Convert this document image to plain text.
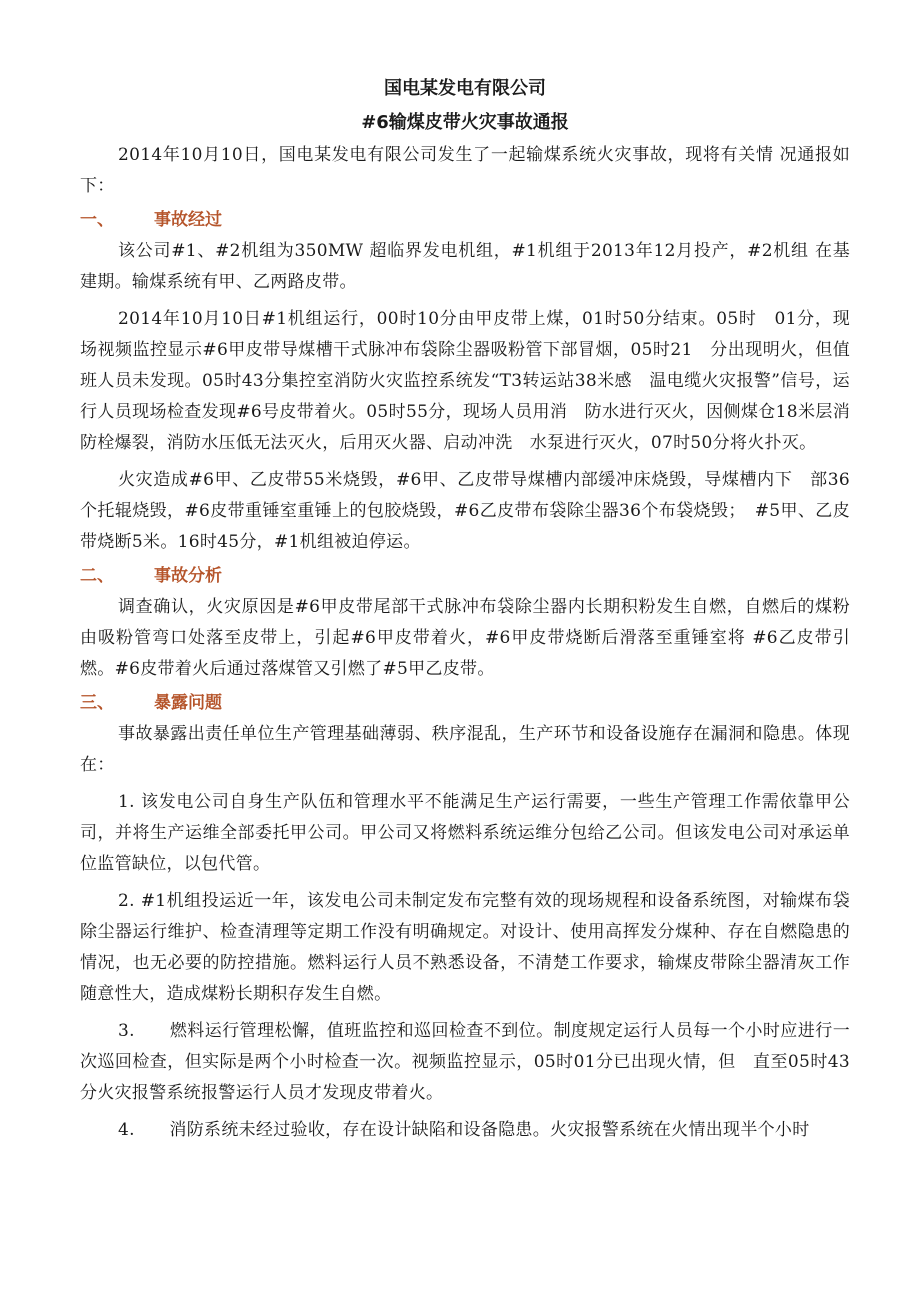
国电某发电有限公司
#6输煤皮带火灾事故通报

2014年10月10日，国电某发电有限公司发生了一起输煤系统火灾事故，现将有关情 况通报如下：

一、	事故经过

该公司#1、#2机组为350MW 超临界发电机组，#1机组于2013年12月投产，#2机组 在基建期。输煤系统有甲、乙两路皮带。

2014年10月10日#1机组运行，00时10分由甲皮带上煤，01时50分结束。05时　01分，现场视频监控显示#6甲皮带导煤槽干式脉冲布袋除尘器吸粉管下部冒烟，05时21　分出现明火，但值班人员未发现。05时43分集控室消防火灾监控系统发“T3转运站38米感　温电缆火灾报警”信号，运行人员现场检查发现#6号皮带着火。05时55分，现场人员用消　防水进行灭火，因侧煤仓18米层消防栓爆裂，消防水压低无法灭火，后用灭火器、启动冲洗　水泵进行灭火，07时50分将火扑灭。

火灾造成#6甲、乙皮带55米烧毁，#6甲、乙皮带导煤槽内部缓冲床烧毁，导煤槽内下　部36个托辊烧毁，#6皮带重锤室重锤上的包胶烧毁，#6乙皮带布袋除尘器36个布袋烧毁；　#5甲、乙皮带烧断5米。16时45分，#1机组被迫停运。

二、	事故分析

调查确认，火灾原因是#6甲皮带尾部干式脉冲布袋除尘器内长期积粉发生自燃，自燃后的煤粉由吸粉管弯口处落至皮带上，引起#6甲皮带着火，#6甲皮带烧断后滑落至重锤室将 #6乙皮带引燃。#6皮带着火后通过落煤管又引燃了#5甲乙皮带。

三、	暴露问题

事故暴露出责任单位生产管理基础薄弱、秩序混乱，生产环节和设备设施存在漏洞和隐患。体现在：

1. 该发电公司自身生产队伍和管理水平不能满足生产运行需要，一些生产管理工作需依靠甲公司，并将生产运维全部委托甲公司。甲公司又将燃料系统运维分包给乙公司。但该发电公司对承运单位监管缺位，以包代管。

2. #1机组投运近一年，该发电公司未制定发布完整有效的现场规程和设备系统图，对输煤布袋除尘器运行维护、检查清理等定期工作没有明确规定。对设计、使用高挥发分煤种、存在自燃隐患的情况，也无必要的防控措施。燃料运行人员不熟悉设备，不清楚工作要求，输煤皮带除尘器清灰工作随意性大，造成煤粉长期积存发生自燃。

3.　　燃料运行管理松懈，值班监控和巡回检查不到位。制度规定运行人员每一个小时应进行一次巡回检查，但实际是两个小时检查一次。视频监控显示，05时01分已出现火情，但　直至05时43分火灾报警系统报警运行人员才发现皮带着火。

4.　　消防系统未经过验收，存在设计缺陷和设备隐患。火灾报警系统在火情出现半个小时
